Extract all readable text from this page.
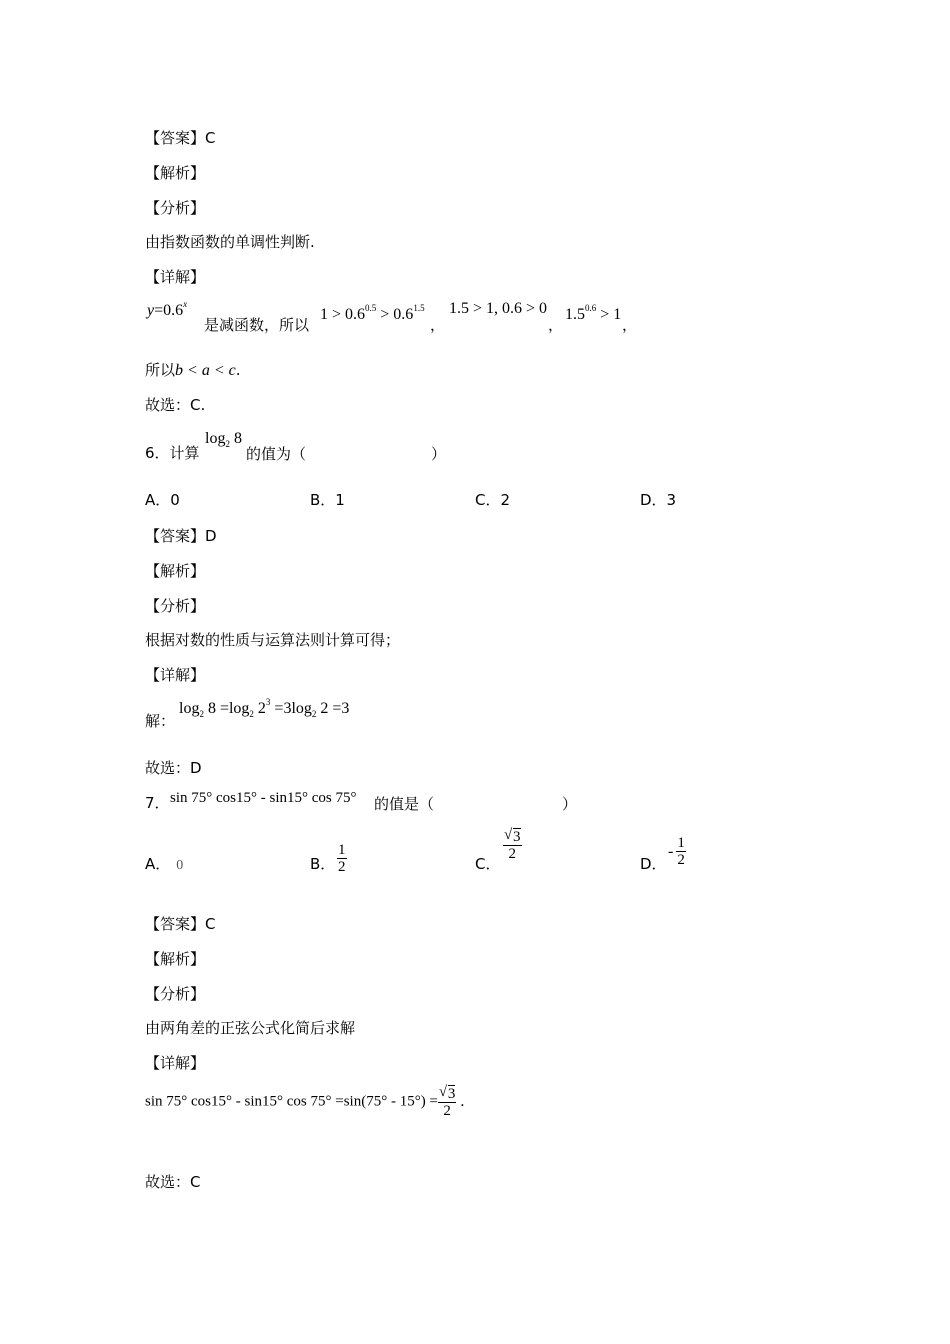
【答案】C
【解析】
【分析】
由指数函数的单调性判断.
【详解】
$y=0.6^x$
是减函数，所以
$1 > 0.6^{0.5} > 0.6^{1.5}$
，
1.5 > 1, 0.6 > 0
，
$1.5^{0.6} > 1$
，
所以b < a < c.
故选：C.
6．计算
$\log_2 8$
的值为（	）
A．0	B．1	C．2	D．3
【答案】D
【解析】
【分析】
根据对数的性质与运算法则计算可得；
【详解】
解：
$\log_2 8 =\log_2$ $2^3 =3\log_2$ 2 =3
故选：D
7． sin 75° cos15° - sin15° cos 75° 的值是（	）
A． 0	B． $\frac{1}{2}$	C．
$\frac{√ 3}{2}$
D．
- $\frac{1}{2}$
【答案】C
【解析】
【分析】
由两角差的正弦公式化简后求解
【详解】
sin 75° cos15° - sin15° $\cos 75^\circ =\sin(75^\circ - 15^\circ) = \frac{√ 3}{2}$ .
故选：C
